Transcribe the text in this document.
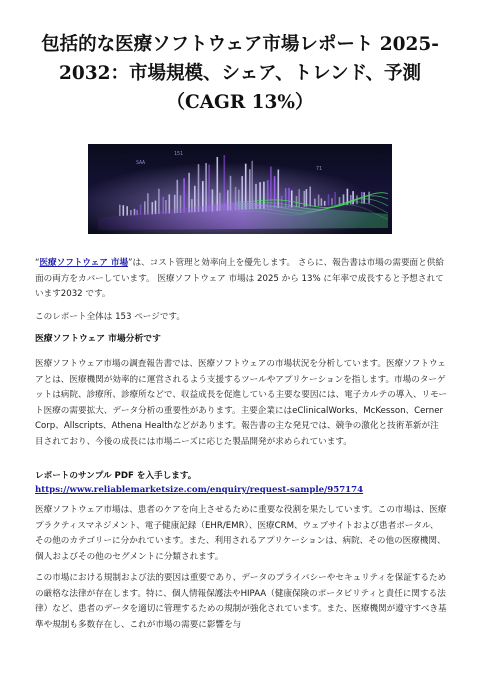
包括的な医療ソフトウェア市場レポート 2025-2032：市場規模、シェア、トレンド、予測（CAGR 13%）
SAA
151
71

“医療ソフトウェア 市場”は、コスト管理と効率向上を優先します。 さらに、報告書は市場の需要面と供給面の両方をカバーしています。 医療ソフトウェア 市場は 2025 から 13% に年率で成長すると予想されています2032 です。

このレポート全体は 153 ページです。

医療ソフトウェア 市場分析です

医療ソフトウェア市場の調査報告書では、医療ソフトウェアの市場状況を分析しています。医療ソフトウェアとは、医療機関が効率的に運営されるよう支援するツールやアプリケーションを指します。市場のターゲットは病院、診療所、診療所などで、収益成長を促進している主要な要因には、電子カルテの導入、リモート医療の需要拡大、データ分析の重要性があります。主要企業にはeClinicalWorks、McKesson、Cerner Corp、Allscripts、Athena Healthなどがあります。報告書の主な発見では、競争の激化と技術革新が注目されており、今後の成長には市場ニーズに応じた製品開発が求められています。

レポートのサンプル PDF を入手します。 https://www.reliablemarketsize.com/enquiry/request-sample/957174

医療ソフトウェア市場は、患者のケアを向上させるために重要な役割を果たしています。この市場は、医療プラクティスマネジメント、電子健康記録（EHR/EMR）、医療CRM、ウェブサイトおよび患者ポータル、その他のカテゴリーに分かれています。また、利用されるアプリケーションは、病院、その他の医療機関、個人およびその他のセグメントに分類されます。

この市場における規制および法的要因は重要であり、データのプライバシーやセキュリティを保証するための厳格な法律が存在します。特に、個人情報保護法やHIPAA（健康保険のポータビリティと責任に関する法律）など、患者のデータを適切に管理するための規制が強化されています。また、医療機関が遵守すべき基準や規制も多数存在し、これが市場の需要に影響を与
